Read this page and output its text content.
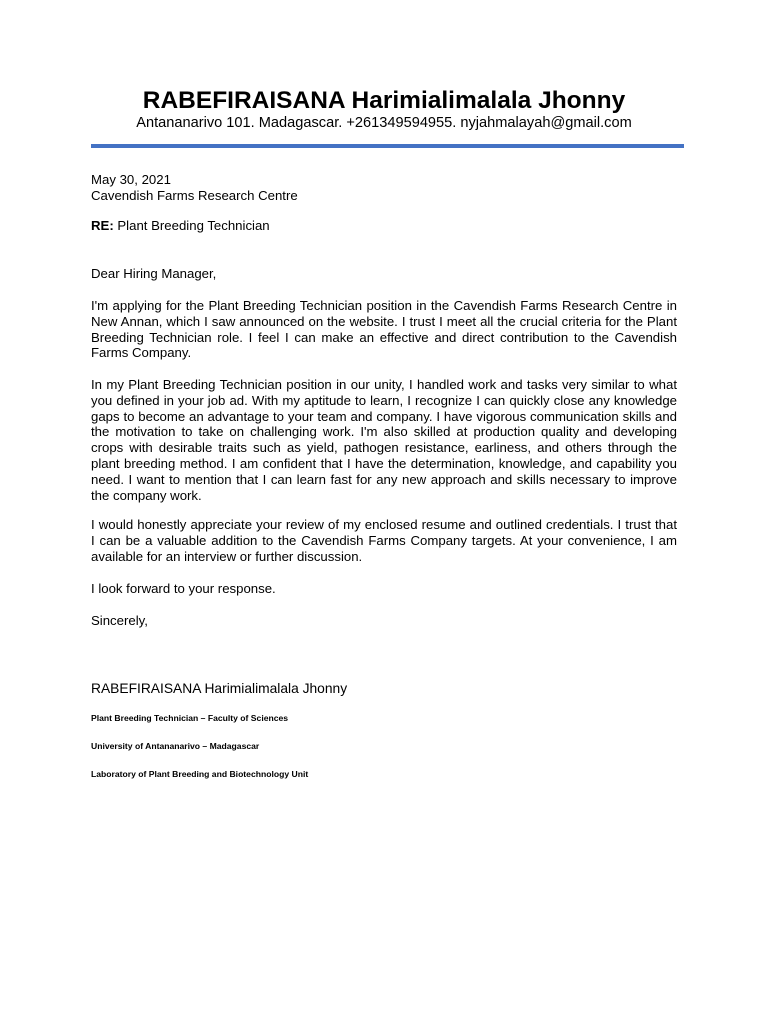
RABEFIRAISANA Harimialimalala Jhonny
Antananarivo 101. Madagascar. +261349594955. nyjahmalayah@gmail.com
May 30, 2021
Cavendish Farms Research Centre
RE: Plant Breeding Technician
Dear Hiring Manager,
I'm applying for the Plant Breeding Technician position in the Cavendish Farms Research Centre in New Annan, which I saw announced on the website. I trust I meet all the crucial criteria for the Plant Breeding Technician role. I feel I can make an effective and direct contribution to the Cavendish Farms Company.
In my Plant Breeding Technician position in our unity, I handled work and tasks very similar to what you defined in your job ad. With my aptitude to learn, I recognize I can quickly close any knowledge gaps to become an advantage to your team and company. I have vigorous communication skills and the motivation to take on challenging work. I'm also skilled at production quality and developing crops with desirable traits such as yield, pathogen resistance, earliness, and others through the plant breeding method. I am confident that I have the determination, knowledge, and capability you need. I want to mention that I can learn fast for any new approach and skills necessary to improve the company work.
I would honestly appreciate your review of my enclosed resume and outlined credentials. I trust that I can be a valuable addition to the Cavendish Farms Company targets. At your convenience, I am available for an interview or further discussion.
I look forward to your response.
Sincerely,
RABEFIRAISANA Harimialimalala Jhonny
Plant Breeding Technician – Faculty of Sciences
University of Antananarivo – Madagascar
Laboratory of Plant Breeding and Biotechnology Unit
